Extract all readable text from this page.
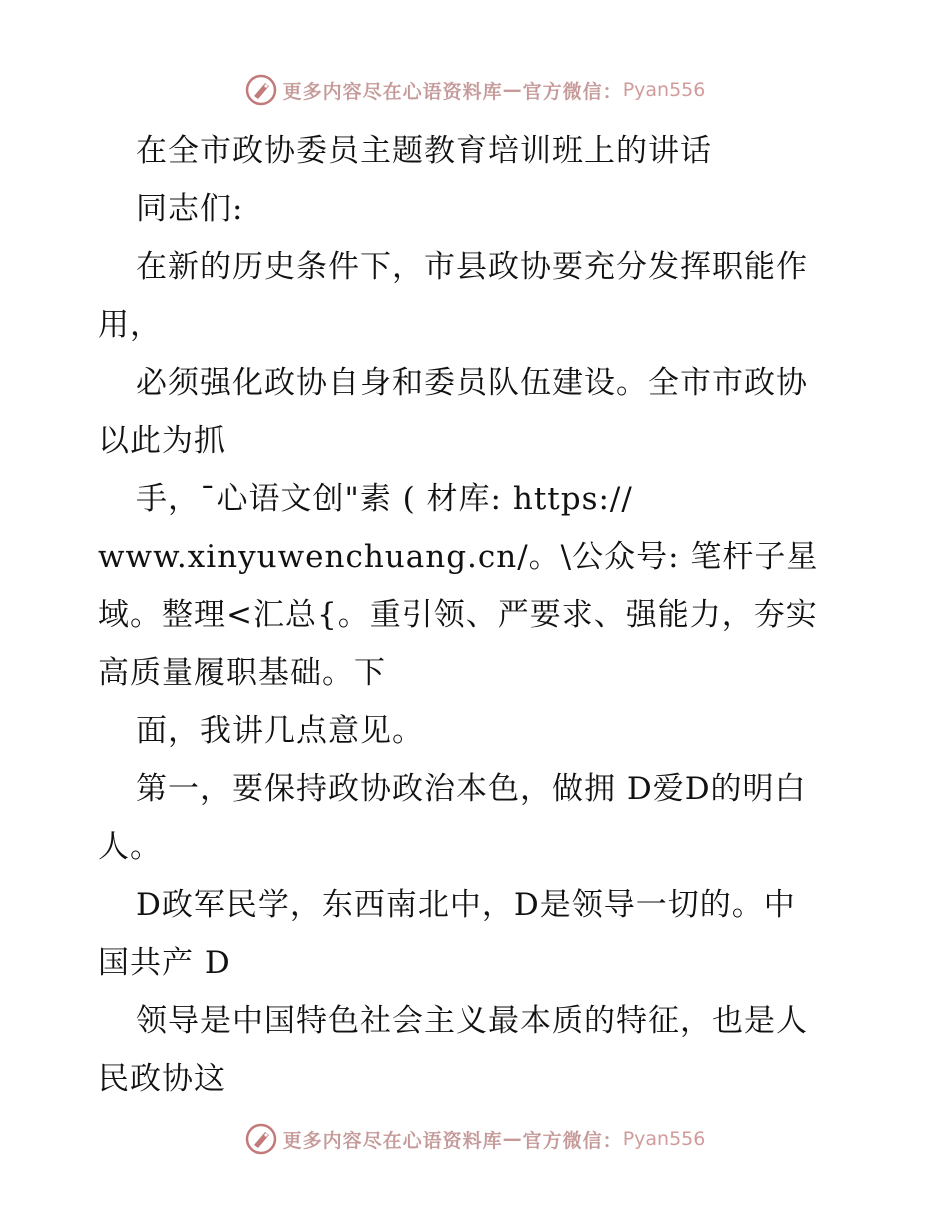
更多内容尽在心语资料库 — 官方微信： Pyan556
在全市政协委员主题教育培训班上的讲话
同志们:
在新的历史条件下，市县政协要充分发挥职能作
用，
必须强化政协自身和委员队伍建设。全市市政协
以此为抓
手，¯心语文创"素 ( 材库: https://
www.xinyuwenchuang.cn/。\公众号: 笔杆子星
域。整理<汇总{。重引领、严要求、强能力，夯实
高质量履职基础。下
面，我讲几点意见。
第一，要保持政协政治本色，做拥 D爱D的明白
人。
D政军民学，东西南北中，D是领导一切的。中
国共产 D
领导是中国特色社会主义最本质的特征，也是人
民政协这
更多内容尽在心语资料库 — 官方微信： Pyan556
